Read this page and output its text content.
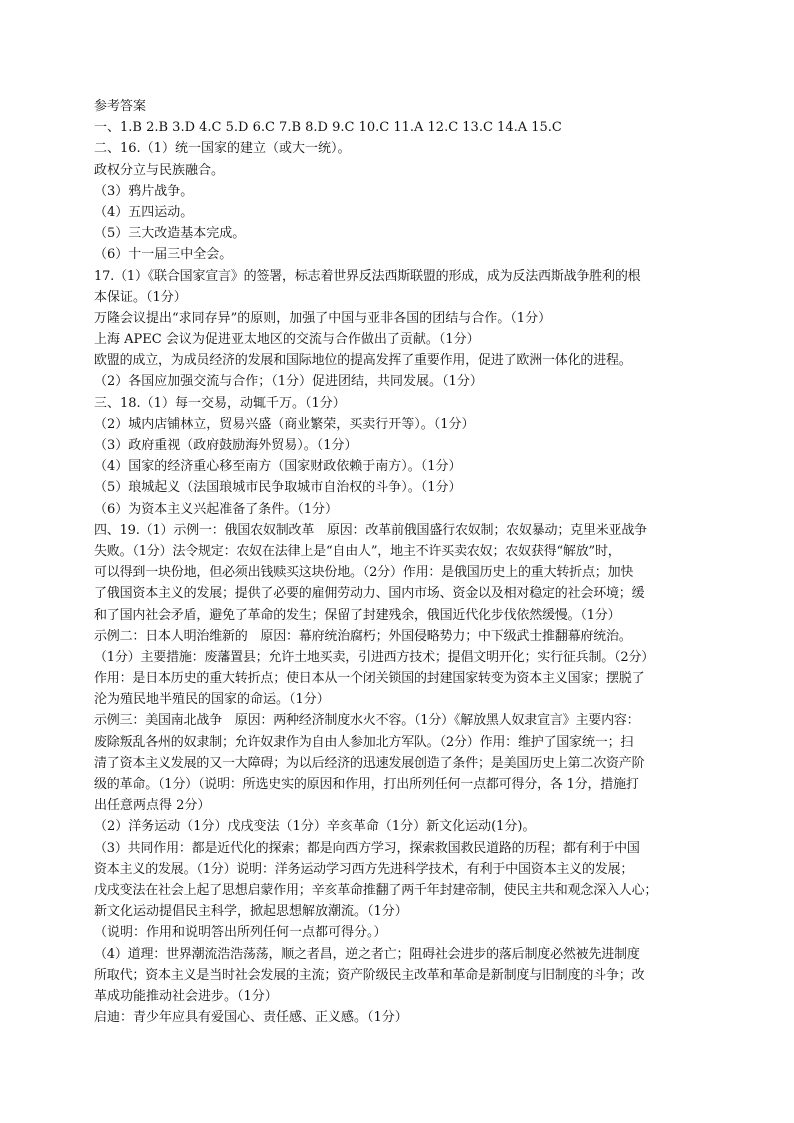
参考答案
一、1.B 2.B 3.D 4.C 5.D 6.C 7.B 8.D 9.C 10.C 11.A 12.C 13.C 14.A 15.C
二、16.（1）统一国家的建立（或大一统）。
政权分立与民族融合。
（3）鸦片战争。
（4）五四运动。
（5）三大改造基本完成。
（6）十一届三中全会。
17.（1）《联合国家宣言》的签署，标志着世界反法西斯联盟的形成，成为反法西斯战争胜利的根
本保证。（1分）
万隆会议提出“求同存异”的原则，加强了中国与亚非各国的团结与合作。（1分）
上海 APEC 会议为促进亚太地区的交流与合作做出了贡献。（1分）
欧盟的成立，为成员经济的发展和国际地位的提高发挥了重要作用，促进了欧洲一体化的进程。
（2）各国应加强交流与合作；（1分）促进团结，共同发展。（1分）
三、18.（1）每一交易，动辄千万。（1分）
（2）城内店铺林立，贸易兴盛（商业繁荣，买卖行开等）。（1分）
（3）政府重视（政府鼓励海外贸易）。（1分）
（4）国家的经济重心移至南方（国家财政依赖于南方）。（1分）
（5）琅城起义（法国琅城市民争取城市自治权的斗争）。（1分）
（6）为资本主义兴起准备了条件。（1分）
四、19.（1）示例一：俄国农奴制改革　原因：改革前俄国盛行农奴制；农奴暴动；克里米亚战争
失败。（1分）法令规定：农奴在法律上是“自由人”，地主不许买卖农奴；农奴获得“解放”时，
可以得到一块份地，但必须出钱赎买这块份地。（2分）作用：是俄国历史上的重大转折点；加快
了俄国资本主义的发展；提供了必要的雇佣劳动力、国内市场、资金以及相对稳定的社会环境；缓
和了国内社会矛盾，避免了革命的发生；保留了封建残余，俄国近代化步伐依然缓慢。（1分）
示例二：日本人明治维新的　原因：幕府统治腐朽；外国侵略势力；中下级武士推翻幕府统治。
（1分）主要措施：废藩置县；允许土地买卖，引进西方技术；提倡文明开化；实行征兵制。（2分）
作用：是日本历史的重大转折点；使日本从一个闭关锁国的封建国家转变为资本主义国家；摆脱了
沦为殖民地半殖民的国家的命运。（1分）
示例三：美国南北战争　原因：两种经济制度水火不容。（1分）《解放黑人奴隶宣言》主要内容：
废除叛乱各州的奴隶制；允许奴隶作为自由人参加北方军队。（2分）作用：维护了国家统一；扫
清了资本主义发展的又一大障碍；为以后经济的迅速发展创造了条件；是美国历史上第二次资产阶
级的革命。（1分）（说明：所选史实的原因和作用，打出所列任何一点都可得分，各 1分，措施打
出任意两点得 2分）
（2）洋务运动（1分）戊戌变法（1分）辛亥革命（1分）新文化运动(1分)。
（3）共同作用：都是近代化的探索；都是向西方学习，探索救国救民道路的历程；都有利于中国
资本主义的发展。（1分）说明：洋务运动学习西方先进科学技术，有利于中国资本主义的发展；
戊戌变法在社会上起了思想启蒙作用；辛亥革命推翻了两千年封建帝制，使民主共和观念深入人心；
新文化运动提倡民主科学，掀起思想解放潮流。（1分）
（说明：作用和说明答出所列任何一点都可得分。）
（4）道理：世界潮流浩浩荡荡，顺之者昌，逆之者亡；阻碍社会进步的落后制度必然被先进制度
所取代；资本主义是当时社会发展的主流；资产阶级民主改革和革命是新制度与旧制度的斗争；改
革成功能推动社会进步。（1分）
启迪：青少年应具有爱国心、责任感、正义感。（1分）
